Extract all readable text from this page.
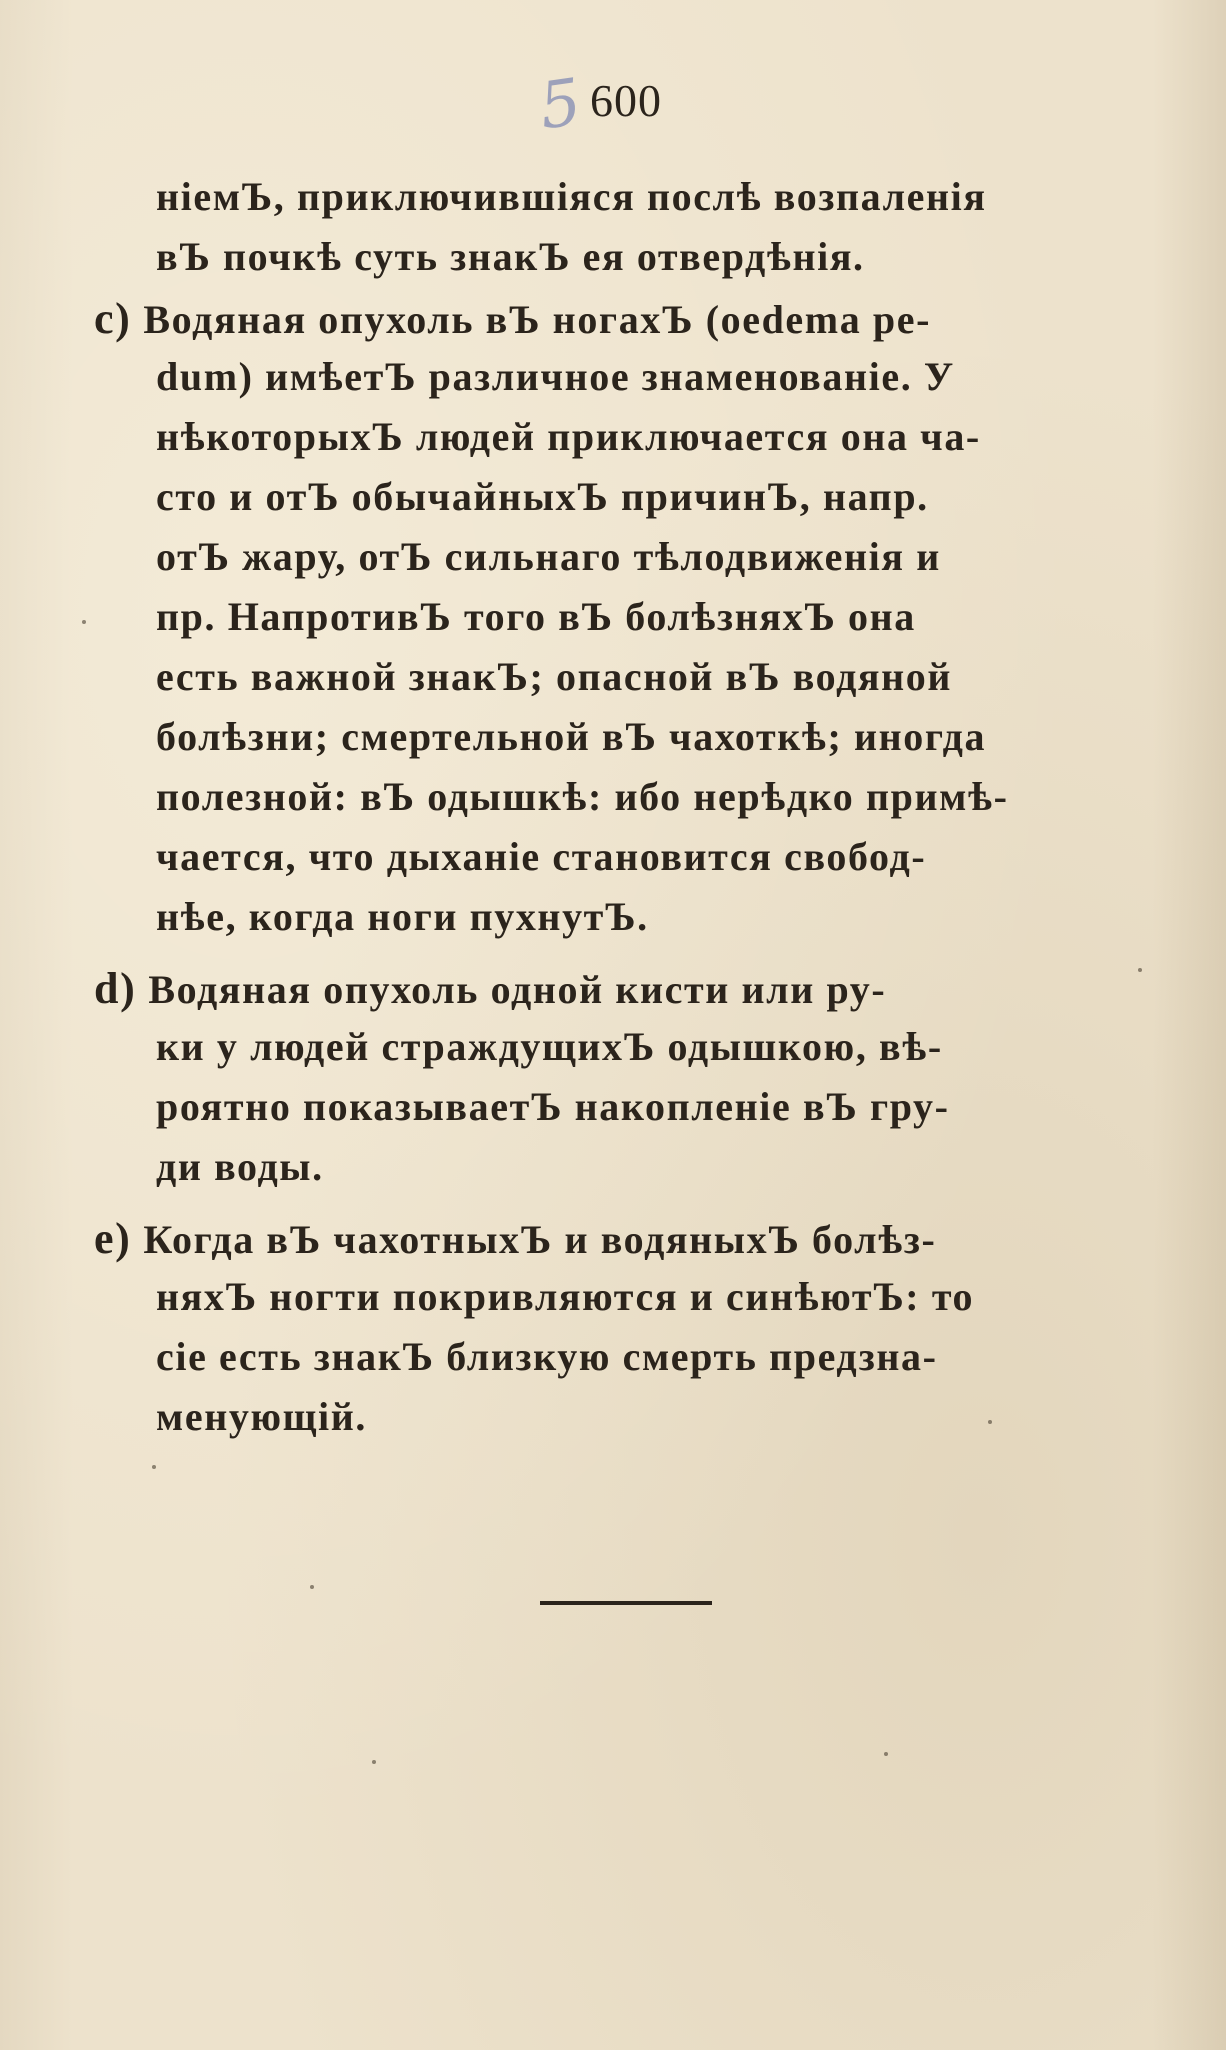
5 600
ніемЪ, приключившіяся послѣ возпаленія
вЪ почкѣ суть знакЪ ея отвердѣнія.
c) Водяная опухоль вЪ ногахЪ (oedema pe-
dum) имѣетЪ различное знаменованіе. У
нѣкоторыхЪ людей приключается она ча-
сто и отЪ обычайныхЪ причинЪ, напр.
отЪ жару, отЪ сильнаго тѣлодвиженія и
пр. НапротивЪ того вЪ болѣзняхЪ она
есть важной знакЪ; опасной вЪ водяной
болѣзни; смертельной вЪ чахоткѣ; иногда
полезной: вЪ одышкѣ: ибо нерѣдко примѣ-
чается, что дыханіе становится свобод-
нѣе, когда ноги пухнутЪ.
d) Водяная опухоль одной кисти или ру-
ки у людей страждущихЪ одышкою, вѣ-
роятно показываетЪ накопленіе вЪ гру-
ди воды.
e) Когда вЪ чахотныхЪ и водяныхЪ болѣз-
няхЪ ногти покривляются и синѣютЪ: то
сіе есть знакЪ близкую смерть предзна-
менующій.
